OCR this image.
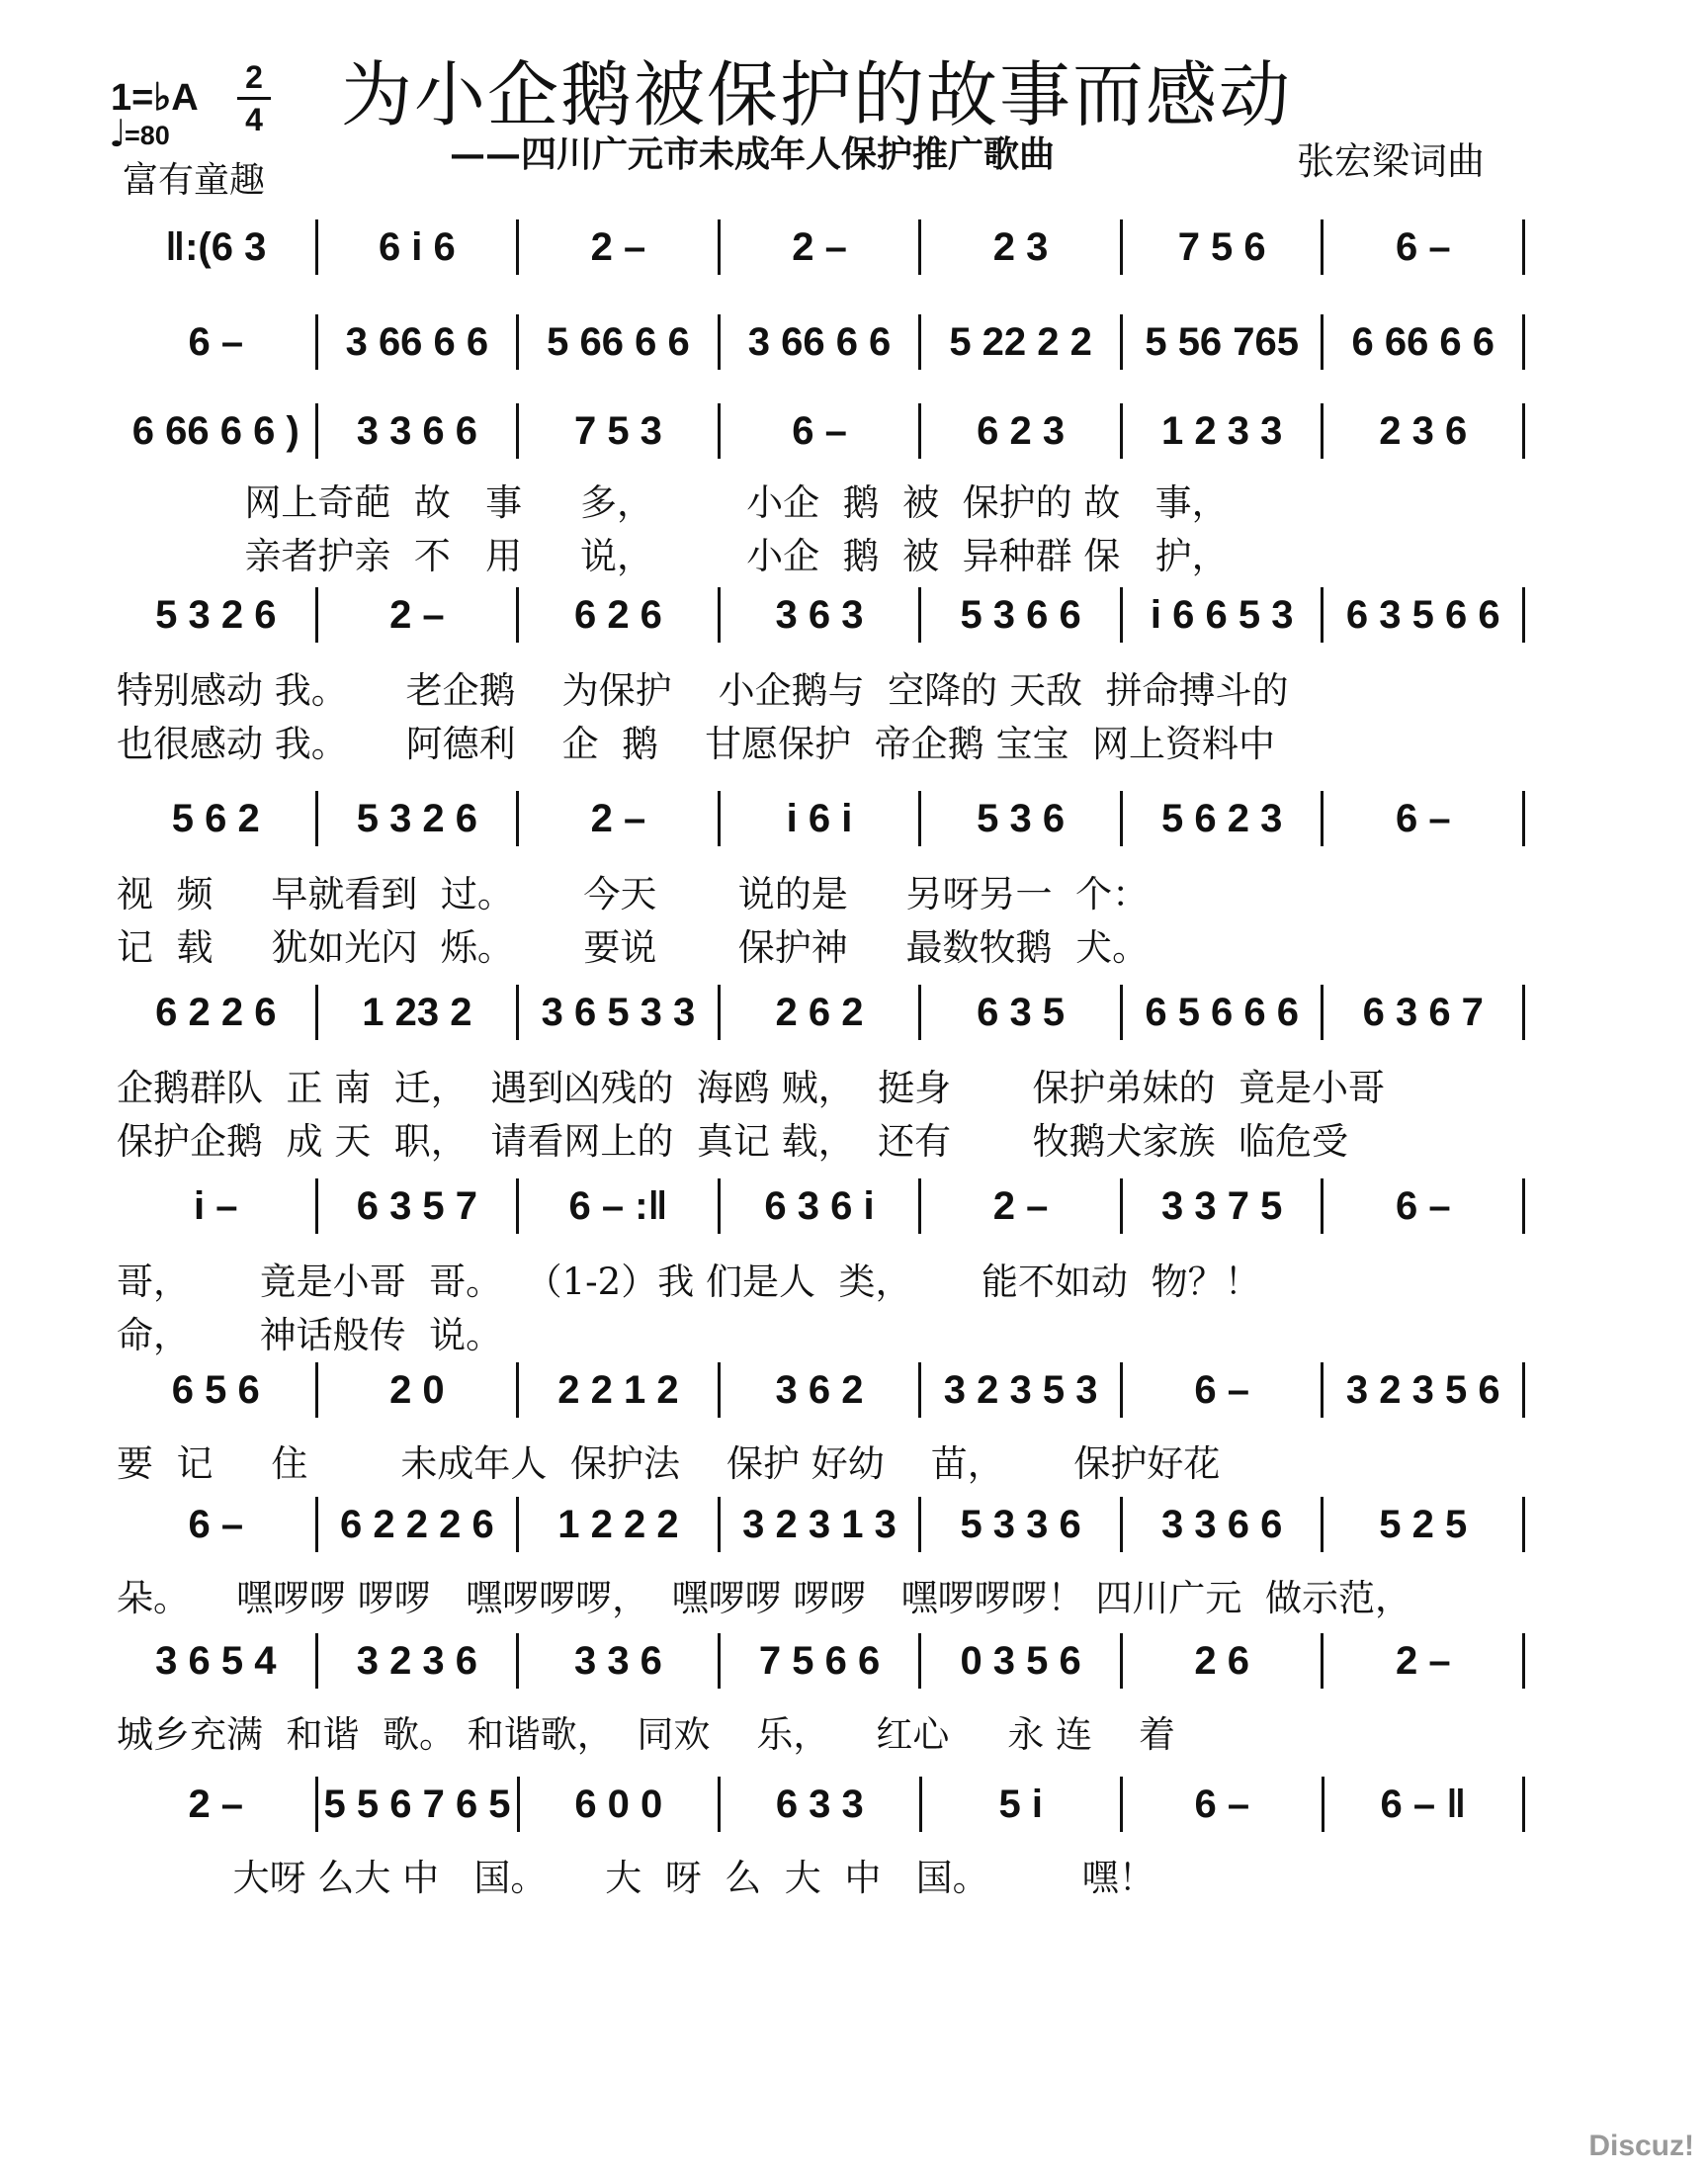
1=♭A
♩
=80
2
4
富有童趣
为小企鹅被保护的故事而感动
——四川广元市未成年人保护推广歌曲	张宏梁词曲
‖:(6 3	6 i 6	2 –	2 –	2 3	7 5 6	6 –
6 –	3 66 6 6	5 66 6 6	3 66 6 6	5 22 2 2	5 56 765	6 66 6 6
6 66 6 6 )	3 3 6 6	7 5 3	6 –	6 2 3	1 2 3 3	2 3 6
网上奇葩  故   事     多，        小企  鹅  被  保护的 故   事，
亲者护亲  不   用     说，        小企  鹅  被  异种群 保   护，
5 3 2 6	2 –	6 2 6	3 6 3	5 3 6 6	i 6 6 5 3	6 3 5 6 6
特别感动 我。     老企鹅    为保护    小企鹅与  空降的 天敌  拼命搏斗的
也很感动 我。     阿德利    企  鹅    甘愿保护  帝企鹅 宝宝  网上资料中
5 6 2	5 3 2 6	2 –	i 6 i	5 3 6	5 6 2 3	6 –
视  频     早就看到  过。      今天       说的是     另呀另一  个：
记  载     犹如光闪  烁。      要说       保护神     最数牧鹅  犬。
6 2 2 6	1 23 2	3 6 5 3 3	2 6 2	6 3 5	6 5 6 6 6	6 3 6 7
企鹅群队  正 南  迁，  遇到凶残的  海鸥 贼，  挺身       保护弟妹的  竟是小哥
保护企鹅  成 天  职，  请看网上的  真记 载，  还有       牧鹅犬家族  临危受
i –	6 3 5 7	6 – :‖	6 3 6 i	2 –	3 3 7 5	6 –
哥，      竟是小哥  哥。  （1-2）我 们是人  类，      能不如动  物？！
命，      神话般传  说。
6 5 6	2 0	2 2 1 2	3 6 2	3 2 3 5 3	6 –	3 2 3 5 6
要  记     住        未成年人  保护法    保护 好幼    苗，      保护好花
6 –	6 2 2 2 6	1 2 2 2	3 2 3 1 3	5 3 3 6	3 3 6 6	5 2 5
朵。    嘿啰啰 啰啰   嘿啰啰啰，  嘿啰啰 啰啰   嘿啰啰啰！ 四川广元  做示范，
3 6 5 4	3 2 3 6	3 3 6	7 5 6 6	0 3 5 6	2 6	2 –
城乡充满  和谐  歌。 和谐歌，  同欢    乐，    红心     永 连    着
2 –	5 5 6 7 6 5	6 0 0	6 3 3	5 i	6 –	6 – ‖
大呀 么大 中   国。     大  呀  么  大  中   国。        嘿！
Discuz!
